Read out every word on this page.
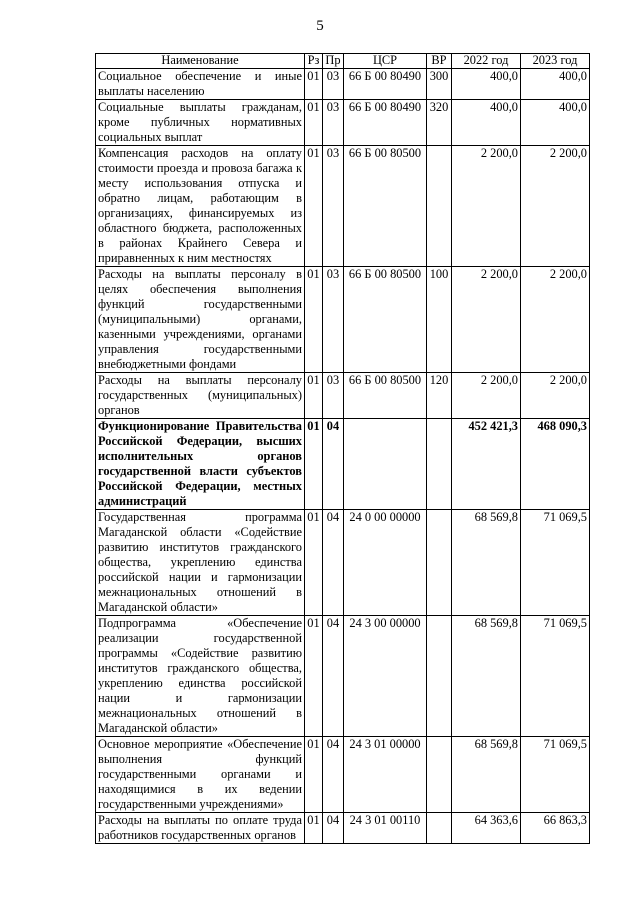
5
Наименование	Рз	Пр	ЦСР	ВР	2022 год	2023 год
Социальное обеспечение и иные выплаты населению	01	03	66 Б 00 80490	300	400,0	400,0
Социальные выплаты гражданам, кроме публичных нормативных социальных выплат	01	03	66 Б 00 80490	320	400,0	400,0
Компенсация расходов на оплату стоимости проезда и провоза багажа к месту использования отпуска и обратно лицам, работающим в организациях, финансируемых из областного бюджета, расположенных в районах Крайнего Севера и приравненных к ним местностях	01	03	66 Б 00 80500		2 200,0	2 200,0
Расходы на выплаты персоналу в целях обеспечения выполнения функций государственными (муниципальными) органами, казенными учреждениями, органами управления государственными внебюджетными фондами	01	03	66 Б 00 80500	100	2 200,0	2 200,0
Расходы на выплаты персоналу государственных (муниципальных) органов	01	03	66 Б 00 80500	120	2 200,0	2 200,0
Функционирование Правительства Российской Федерации, высших исполнительных органов государственной власти субъектов Российской Федерации, местных администраций	01	04			452 421,3	468 090,3
Государственная программа Магаданской области «Содействие развитию институтов гражданского общества, укреплению единства российской нации и гармонизации межнациональных отношений в Магаданской области»	01	04	24 0 00 00000		68 569,8	71 069,5
Подпрограмма «Обеспечение реализации государственной программы «Содействие развитию институтов гражданского общества, укреплению единства российской нации и гармонизации межнациональных отношений в Магаданской области»	01	04	24 3 00 00000		68 569,8	71 069,5
Основное мероприятие «Обеспечение выполнения функций государственными органами и находящимися в их ведении государственными учреждениями»	01	04	24 3 01 00000		68 569,8	71 069,5
Расходы на выплаты по оплате труда работников государственных органов	01	04	24 3 01 00110		64 363,6	66 863,3
